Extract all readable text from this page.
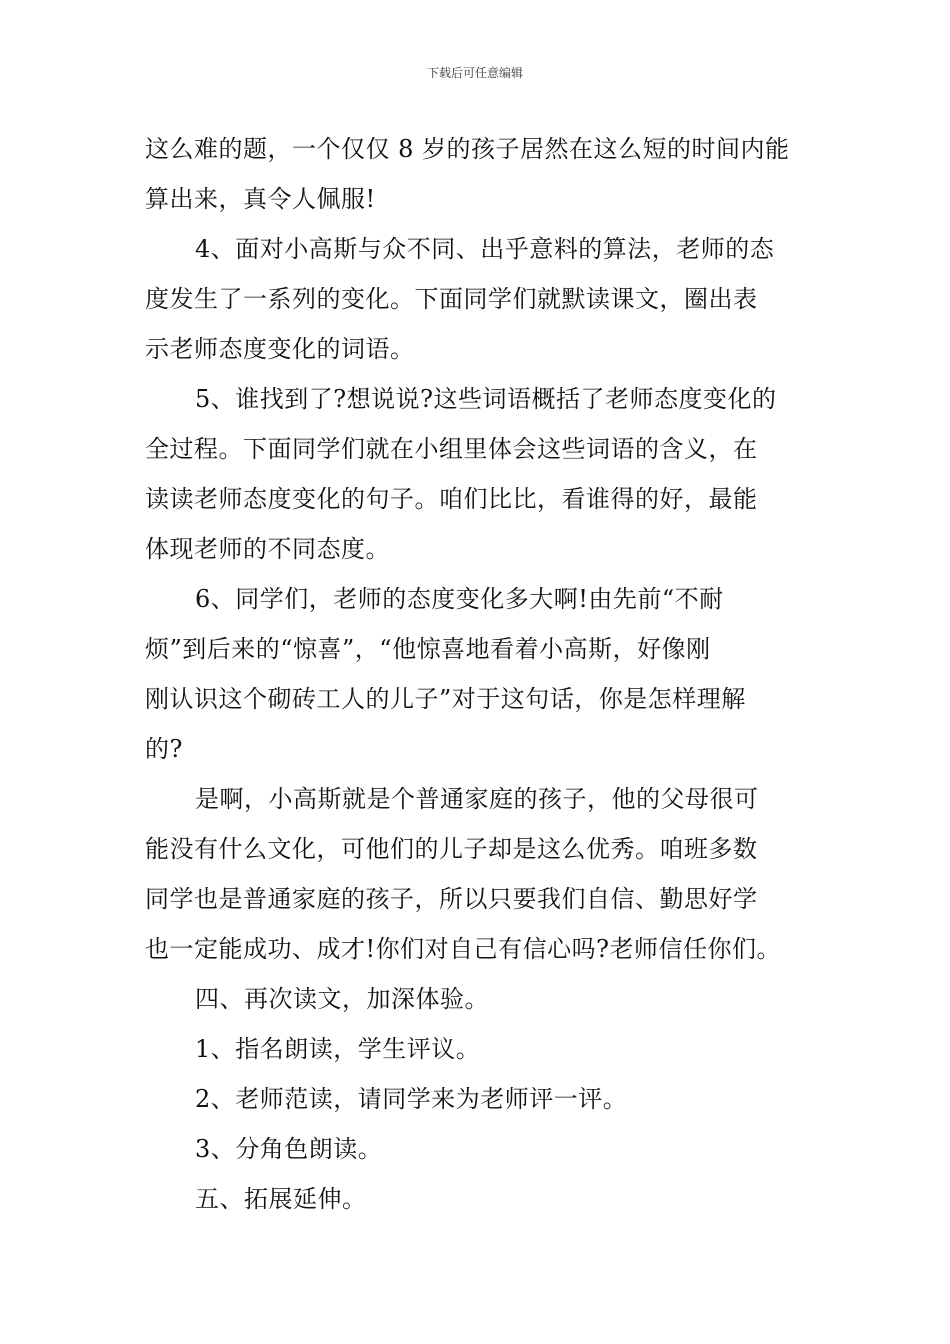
下载后可任意编辑

这么难的题，一个仅仅 8 岁的孩子居然在这么短的时间内能
算出来，真令人佩服!

4、面对小高斯与众不同、出乎意料的算法，老师的态
度发生了一系列的变化。下面同学们就默读课文，圈出表
示老师态度变化的词语。

5、谁找到了?想说说?这些词语概括了老师态度变化的
全过程。下面同学们就在小组里体会这些词语的含义，在
读读老师态度变化的句子。咱们比比，看谁得的好，最能
体现老师的不同态度。

6、同学们，老师的态度变化多大啊!由先前“不耐
烦”到后来的“惊喜”，“他惊喜地看着小高斯，好像刚
刚认识这个砌砖工人的儿子”对于这句话，你是怎样理解
的?

是啊，小高斯就是个普通家庭的孩子，他的父母很可
能没有什么文化，可他们的儿子却是这么优秀。咱班多数
同学也是普通家庭的孩子，所以只要我们自信、勤思好学
也一定能成功、成才!你们对自己有信心吗?老师信任你们。

四、再次读文，加深体验。

1、指名朗读，学生评议。

2、老师范读，请同学来为老师评一评。

3、分角色朗读。

五、拓展延伸。
